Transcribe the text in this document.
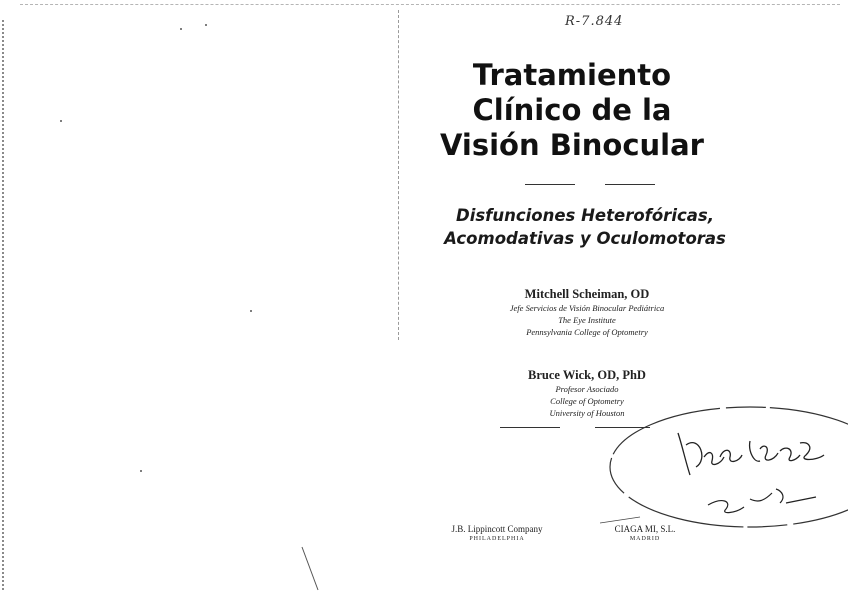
R-7.844
Tratamiento
Clínico de la
Visión Binocular
Disfunciones Heterofóricas,
Acomodativas y Oculomotoras
Mitchell Scheiman, OD
Jefe Servicios de Visión Binocular Pediátrica
The Eye Institute
Pennsylvania College of Optometry
Bruce Wick, OD, PhD
Profesor Asociado
College of Optometry
University of Houston
J.B. Lippincott Company
PHILADELPHIA
CIAGA MI, S.L.
MADRID
